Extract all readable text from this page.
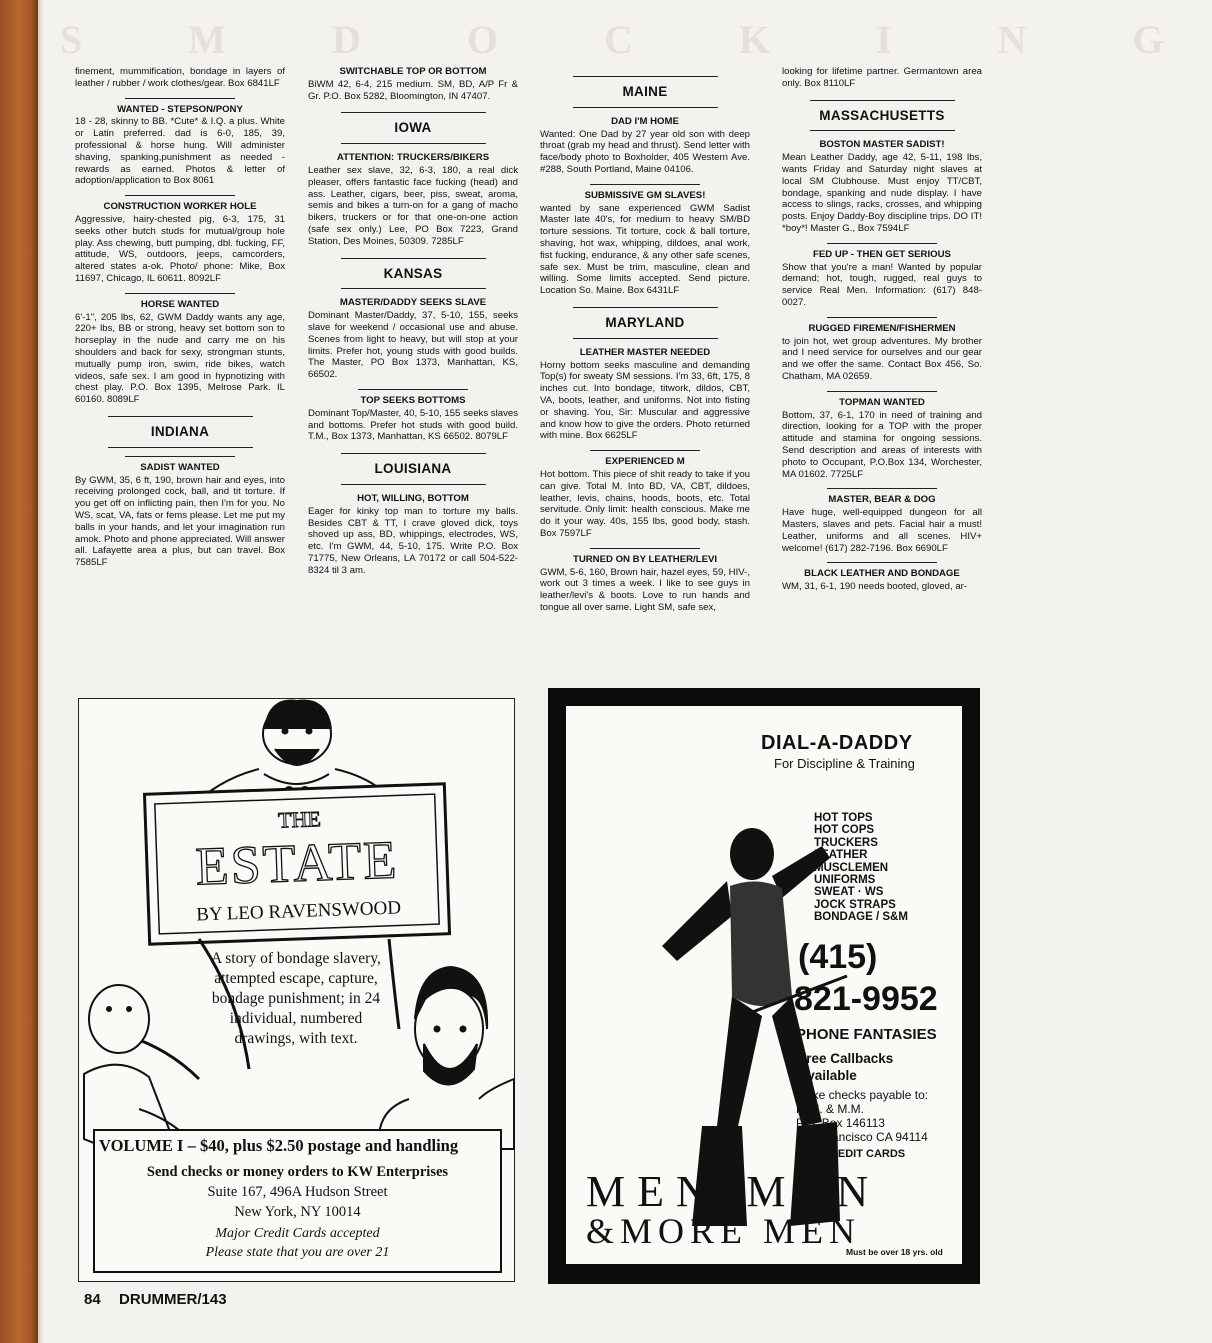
S M D O C K I N G
finement, mummification, bondage in layers of leather / rubber / work clothes/gear. Box 6841LF
WANTED - STEPSON/PONY
18 - 28, skinny to BB. *Cute* & I.Q. a plus. White or Latin preferred. dad is 6-0, 185, 39, professional & horse hung. Will administer shaving, spanking,punishment as needed - rewards as earned. Photos & letter of adoption/application to Box 8061
CONSTRUCTION WORKER HOLE
Aggressive, hairy-chested pig, 6-3, 175, 31 seeks other butch studs for mutual/group hole play. Ass chewing, butt pumping, dbl. fucking, FF, attitude, WS, outdoors, jeeps, camcorders, altered states a-ok. Photo/ phone: Mike, Box 11697, Chicago, IL 60611. 8092LF
HORSE WANTED
6'-1", 205 lbs, 62, GWM Daddy wants any age, 220+ lbs, BB or strong, heavy set bottom son to horseplay in the nude and carry me on his shoulders and back for sexy, strongman stunts, mutually pump iron, swim, ride bikes, watch videos, safe sex. I am good in hypnotizing with chest play. P.O. Box 1395, Melrose Park. IL 60160. 8089LF
INDIANA
SADIST WANTED
By GWM, 35, 6 ft, 190, brown hair and eyes, into receiving prolonged cock, ball, and tit torture. If you get off on inflicting pain, then I'm for you. No WS, scat, VA, fats or fems please. Let me put my balls in your hands, and let your imagination run amok. Photo and phone appreciated. Will answer all. Lafayette area a plus, but can travel. Box 7585LF
SWITCHABLE TOP OR BOTTOM
BiWM 42, 6-4, 215 medium. SM, BD, A/P Fr & Gr. P.O. Box 5282, Bloomington, IN 47407.
IOWA
ATTENTION: TRUCKERS/BIKERS
Leather sex slave, 32, 6-3, 180, a real dick pleaser, offers fantastic face fucking (head) and ass. Leather, cigars, beer, piss, sweat, aroma, semis and bikes a turn-on for a gang of macho bikers, truckers or for that one-on-one action (safe sex only.) Lee, PO Box 7223, Grand Station, Des Moines, 50309. 7285LF
KANSAS
MASTER/DADDY SEEKS SLAVE
Dominant Master/Daddy, 37, 5-10, 155, seeks slave for weekend / occasional use and abuse. Scenes from light to heavy, but will stop at your limits. Prefer hot, young studs with good builds. The Master, PO Box 1373, Manhattan, KS, 66502.
TOP SEEKS BOTTOMS
Dominant Top/Master, 40, 5-10, 155 seeks slaves and bottoms. Prefer hot studs with good build. T.M., Box 1373, Manhattan, KS 66502. 8079LF
LOUISIANA
HOT, WILLING, BOTTOM
Eager for kinky top man to torture my balls. Besides CBT & TT, I crave gloved dick, toys shoved up ass, BD, whippings, electrodes, WS, etc. I'm GWM, 44, 5-10, 175. Write P.O. Box 71775, New Orleans, LA 70172 or call 504-522-8324 til 3 am.
MAINE
DAD I'M HOME
Wanted: One Dad by 27 year old son with deep throat (grab my head and thrust). Send letter with face/body photo to Boxholder, 405 Western Ave. #288, South Portland, Maine 04106.
SUBMISSIVE GM SLAVES!
wanted by sane experienced GWM Sadist Master late 40's, for medium to heavy SM/BD torture sessions. Tit torture, cock & ball torture, shaving, hot wax, whipping, dildoes, anal work, fist fucking, endurance, & any other safe scenes, safe sex. Must be trim, masculine, clean and willing. Some limits accepted. Send picture. Location So. Maine. Box 6431LF
MARYLAND
LEATHER MASTER NEEDED
Horny bottom seeks masculine and demanding Top(s) for sweaty SM sessions. I'm 33, 6ft, 175, 8 inches cut. Into bondage, titwork, dildos, CBT, VA, boots, leather, and uniforms. Not into fisting or shaving. You, Sir: Muscular and aggressive and know how to give the orders. Photo returned with mine. Box 6625LF
EXPERIENCED M
Hot bottom. This piece of shit ready to take if you can give. Total M. Into BD, VA, CBT, dildoes, leather, levis, chains, hoods, boots, etc. Total servitude. Only limit: health conscious. Make me do it your way. 40s, 155 lbs, good body, stash. Box 7597LF
TURNED ON BY LEATHER/LEVI
GWM, 5-6, 160, Brown hair, hazel eyes, 59, HIV-, work out 3 times a week. I like to see guys in leather/levi's & boots. Love to run hands and tongue all over same. Light SM, safe sex,
looking for lifetime partner. Germantown area only. Box 8110LF
MASSACHUSETTS
BOSTON MASTER SADIST!
Mean Leather Daddy, age 42, 5-11, 198 lbs, wants Friday and Saturday night slaves at local SM Clubhouse. Must enjoy TT/CBT, bondage, spanking and nude display. I have access to slings, racks, crosses, and whipping posts. Enjoy Daddy-Boy discipline trips. DO IT! *boy*! Master G., Box 7594LF
FED UP - THEN GET SERIOUS
Show that you're a man! Wanted by popular demand; hot, tough, rugged, real guys to service Real Men. Information: (617) 848-0027.
RUGGED FIREMEN/FISHERMEN
to join hot, wet group adventures. My brother and I need service for ourselves and our gear and we offer the same. Contact Box 456, So. Chatham, MA 02659.
TOPMAN WANTED
Bottom, 37, 6-1, 170 in need of training and direction, looking for a TOP with the proper attitude and stamina for ongoing sessions. Send description and areas of interests with photo to Occupant, P.O.Box 134, Worchester, MA 01602. 7725LF
MASTER, BEAR & DOG
Have huge, well-equipped dungeon for all Masters, slaves and pets. Facial hair a must! Leather, uniforms and all scenes. HIV+ welcome! (617) 282-7196. Box 6690LF
BLACK LEATHER AND BONDAGE
WM, 31, 6-1, 190 needs booted, gloved, ar-
THE
ESTATE
BY LEO RAVENSWOOD
A story of bondage slavery, attempted escape, capture, bondage punishment; in 24 individual, numbered drawings, with text.
VOLUME I – $40, plus $2.50 postage and handling
Send checks or money orders to KW Enterprises
Suite 167, 496A Hudson Street
New York, NY 10014
Major Credit Cards accepted
Please state that you are over 21
DIAL-A-DADDY
For Discipline & Training
HOT TOPS
HOT COPS
TRUCKERS
LEATHER
MUSCLEMEN
UNIFORMS
SWEAT · WS
JOCK STRAPS
BONDAGE / S&M
(415)
821-9952
PHONE FANTASIES
Free Callbacks
Available
Make checks payable to:
M.M. & M.M.
P.O. Box 146113
San Francisco CA 94114
CREDIT CARDS
MEN·MEN
&MORE MEN
Must be over 18 yrs. old
84 DRUMMER/143
